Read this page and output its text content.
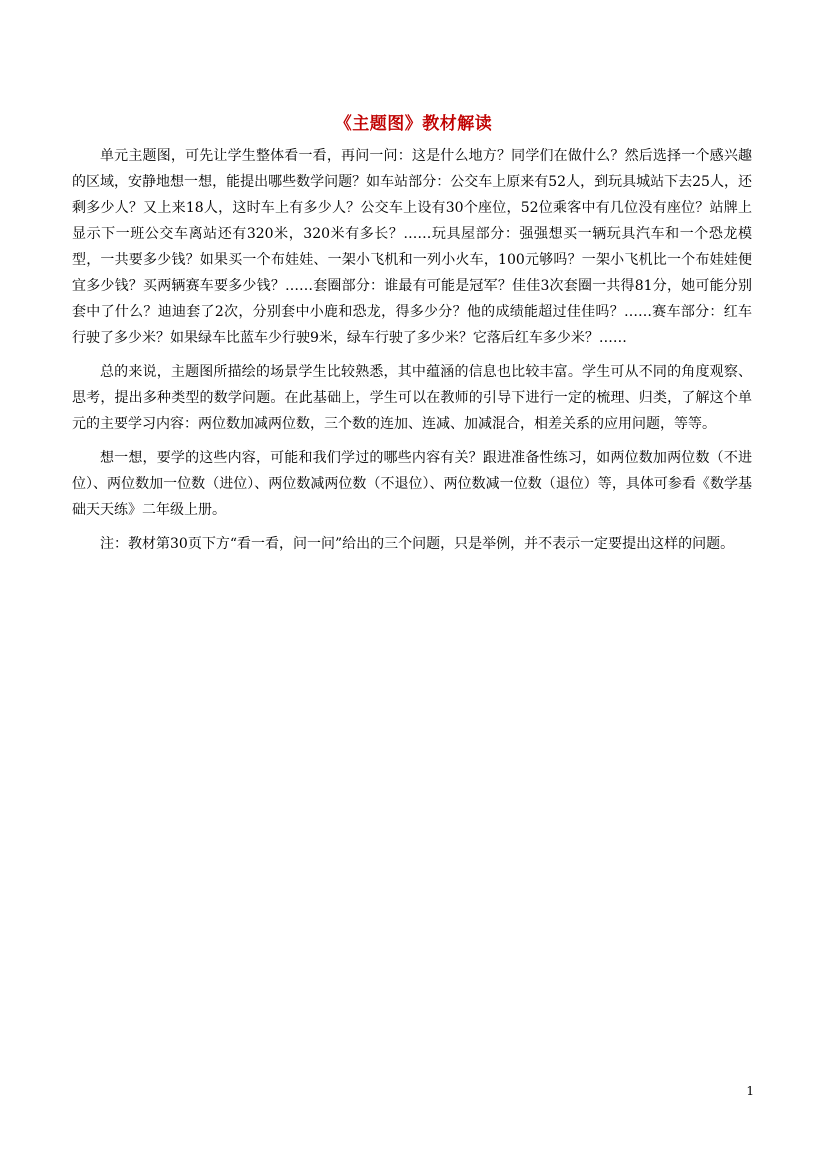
《主题图》教材解读

单元主题图，可先让学生整体看一看，再问一问：这是什么地方？同学们在做什么？然后选择一个感兴趣的区域，安静地想一想，能提出哪些数学问题？如车站部分：公交车上原来有52人，到玩具城站下去25人，还剩多少人？又上来18人，这时车上有多少人？公交车上设有30个座位，52位乘客中有几位没有座位？站牌上显示下一班公交车离站还有320米，320米有多长？……玩具屋部分：强强想买一辆玩具汽车和一个恐龙模型，一共要多少钱？如果买一个布娃娃、一架小飞机和一列小火车，100元够吗？一架小飞机比一个布娃娃便宜多少钱？买两辆赛车要多少钱？……套圈部分：谁最有可能是冠军？佳佳3次套圈一共得81分，她可能分别套中了什么？迪迪套了2次，分别套中小鹿和恐龙，得多少分？他的成绩能超过佳佳吗？……赛车部分：红车行驶了多少米？如果绿车比蓝车少行驶9米，绿车行驶了多少米？它落后红车多少米？……

总的来说，主题图所描绘的场景学生比较熟悉，其中蕴涵的信息也比较丰富。学生可从不同的角度观察、思考，提出多种类型的数学问题。在此基础上，学生可以在教师的引导下进行一定的梳理、归类，了解这个单元的主要学习内容：两位数加减两位数，三个数的连加、连减、加减混合，相差关系的应用问题，等等。

想一想，要学的这些内容，可能和我们学过的哪些内容有关？跟进准备性练习，如两位数加两位数（不进位）、两位数加一位数（进位）、两位数减两位数（不退位）、两位数减一位数（退位）等，具体可参看《数学基础天天练》二年级上册。

注：教材第30页下方“看一看，问一问”给出的三个问题，只是举例，并不表示一定要提出这样的问题。

1
